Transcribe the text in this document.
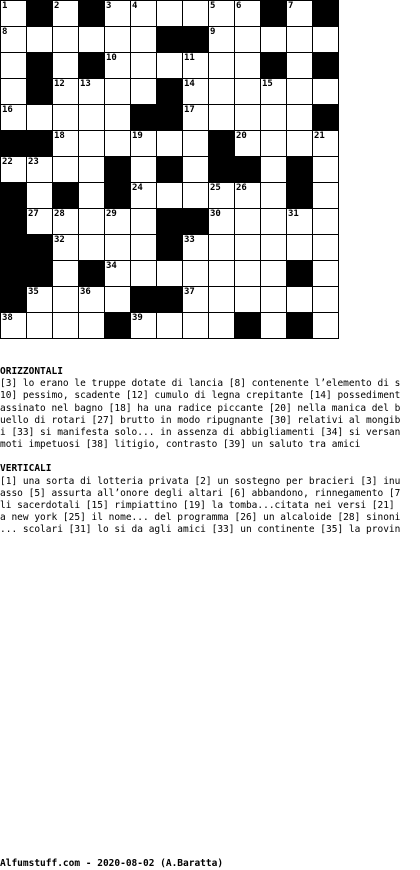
1		2		3	4			5	6		7	

8								9				

				10			11					

		12	13				14			15		

16							17					

		18			19				20			21

22	23											

					24			25	26			

	27	28		29				30			31	

		32					33					

				34								

	35		36				37					

38					39							

ORIZZONTALI
[3] lo erano le truppe dotate di lancia [8] contenente l’elemento di s
10] pessimo, scadente [12] cumulo di legna crepitante [14] possediment
assinato nel bagno [18] ha una radice piccante [20] nella manica del b
uello di rotari [27] brutto in modo ripugnante [30] relativi al mongib
i [33] si manifesta solo... in assenza di abbigliamenti [34] si versan
moti impetuosi [38] litigio, contrasto [39] un saluto tra amici
VERTICALI
[1] una sorta di lotteria privata [2] un sostegno per bracieri [3] inu
asso [5] assurta all’onore degli altari [6] abbandono, rinnegamento [7
li sacerdotali [15] rimpiattino [19] la tomba...citata nei versi [21]
a new york [25] il nome... del programma [26] un alcaloide [28] sinoni
... scolari [31] lo si da agli amici [33] un continente [35] la provin
Alfumstuff.com - 2020-08-02 (A.Baratta)
